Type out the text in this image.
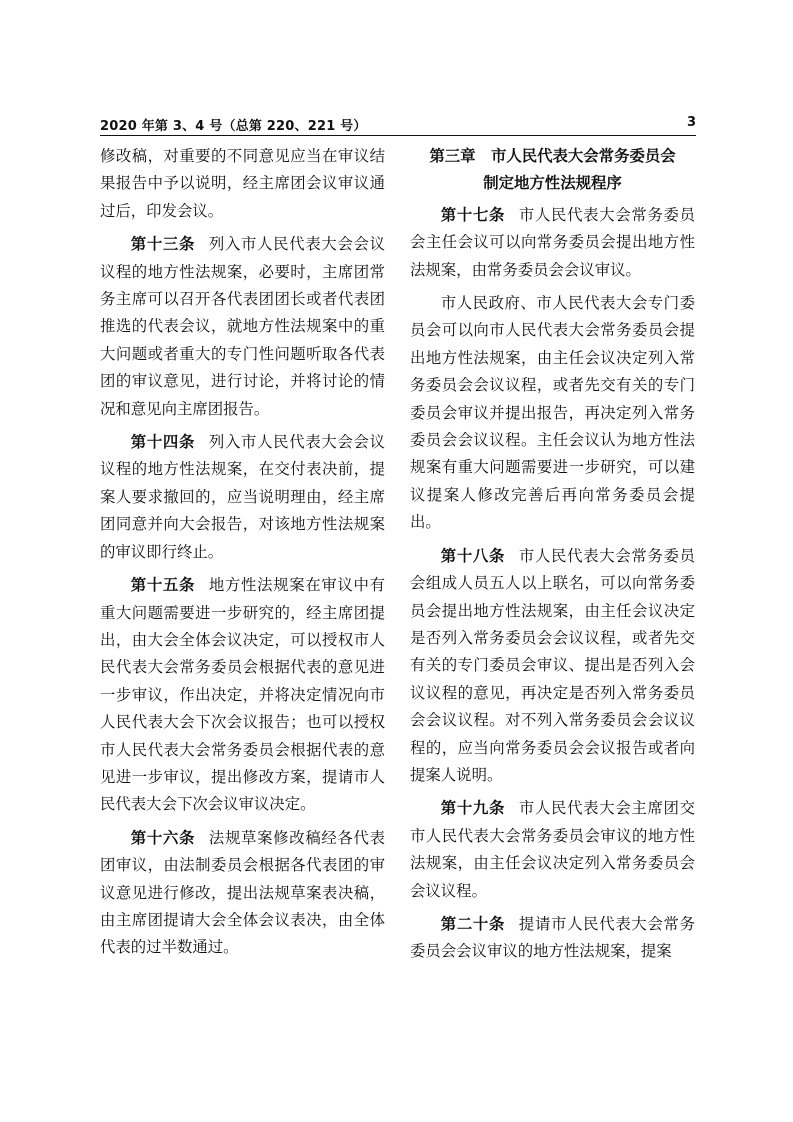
2020 年第 3、4 号（总第 220、221 号）	3

修改稿，对重要的不同意见应当在审议结果报告中予以说明，经主席团会议审议通过后，印发会议。

第十三条 列入市人民代表大会会议议程的地方性法规案，必要时，主席团常务主席可以召开各代表团团长或者代表团推选的代表会议，就地方性法规案中的重大问题或者重大的专门性问题听取各代表团的审议意见，进行讨论，并将讨论的情况和意见向主席团报告。

第十四条 列入市人民代表大会会议议程的地方性法规案，在交付表决前，提案人要求撤回的，应当说明理由，经主席团同意并向大会报告，对该地方性法规案的审议即行终止。

第十五条 地方性法规案在审议中有重大问题需要进一步研究的，经主席团提出，由大会全体会议决定，可以授权市人民代表大会常务委员会根据代表的意见进一步审议，作出决定，并将决定情况向市人民代表大会下次会议报告；也可以授权市人民代表大会常务委员会根据代表的意见进一步审议，提出修改方案，提请市人民代表大会下次会议审议决定。

第十六条 法规草案修改稿经各代表团审议，由法制委员会根据各代表团的审议意见进行修改，提出法规草案表决稿，由主席团提请大会全体会议表决，由全体代表的过半数通过。

第三章 市人民代表大会常务委员会
制定地方性法规程序

第十七条 市人民代表大会常务委员会主任会议可以向常务委员会提出地方性法规案，由常务委员会会议审议。

市人民政府、市人民代表大会专门委员会可以向市人民代表大会常务委员会提出地方性法规案，由主任会议决定列入常务委员会会议议程，或者先交有关的专门委员会审议并提出报告，再决定列入常务委员会会议议程。主任会议认为地方性法规案有重大问题需要进一步研究，可以建议提案人修改完善后再向常务委员会提出。

第十八条 市人民代表大会常务委员会组成人员五人以上联名，可以向常务委员会提出地方性法规案，由主任会议决定是否列入常务委员会会议议程，或者先交有关的专门委员会审议、提出是否列入会议议程的意见，再决定是否列入常务委员会会议议程。对不列入常务委员会会议议程的，应当向常务委员会会议报告或者向提案人说明。

第十九条 市人民代表大会主席团交市人民代表大会常务委员会审议的地方性法规案，由主任会议决定列入常务委员会会议议程。

第二十条 提请市人民代表大会常务委员会会议审议的地方性法规案，提案
